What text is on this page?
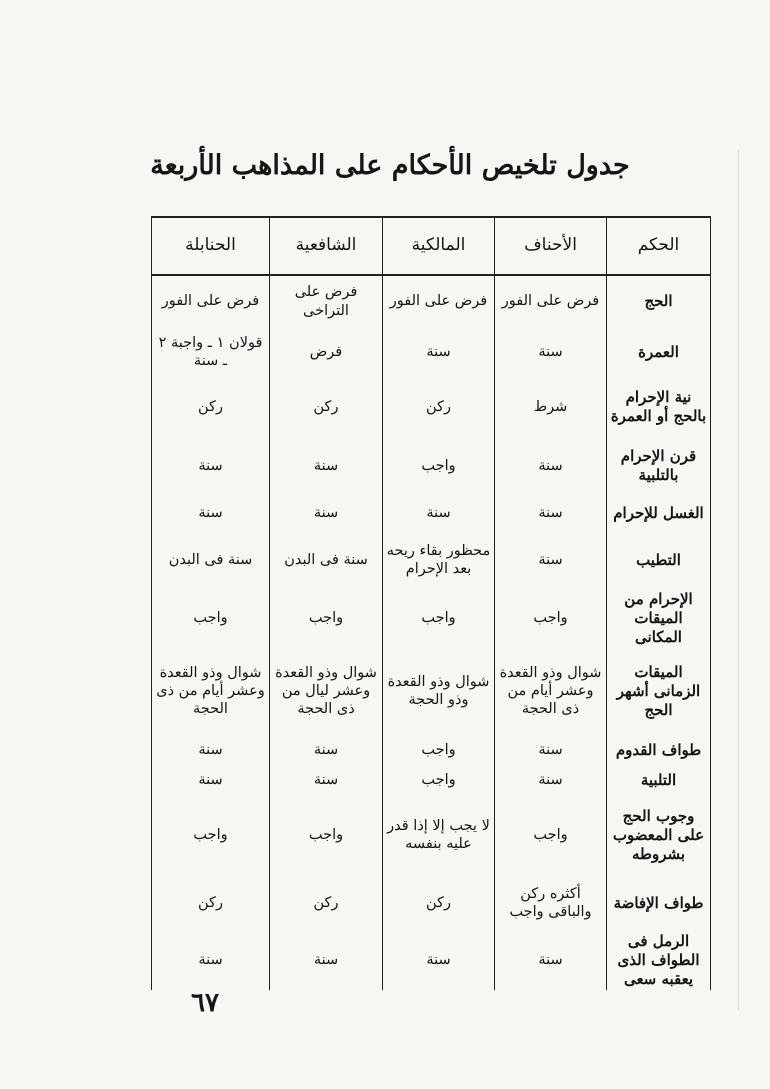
جدول تلخيص الأحكام على المذاهب الأربعة
الحكم	الأحناف	المالكية	الشافعية	الحنابلة
الحج	فرض على الفور	فرض على الفور	فرض على التراخى	فرض على الفور
العمرة	سنة	سنة	فرض	قولان ١ ـ واجبة ٢ ـ سنة
نية الإحرام بالحج أو العمرة	شرط	ركن	ركن	ركن
قرن الإحرام بالتلبية	سنة	واجب	سنة	سنة
الغسل للإحرام	سنة	سنة	سنة	سنة
التطيب	سنة	محظور بقاء ريحه بعد الإحرام	سنة فى البدن	سنة فى البدن
الإحرام من الميقات المكانى	واجب	واجب	واجب	واجب
الميقات الزمانى أشهر الحج	شوال وذو القعدة وعشر أيام من ذى الحجة	شوال وذو القعدة وذو الحجة	شوال وذو القعدة وعشر ليال من ذى الحجة	شوال وذو القعدة وعشر أيام من ذى الحجة
طواف القدوم	سنة	واجب	سنة	سنة
التلبية	سنة	واجب	سنة	سنة
وجوب الحج على المعضوب بشروطه	واجب	لا يجب إلا إذا قدر عليه بنفسه	واجب	واجب
طواف الإفاضة	أكثره ركن والباقى واجب	ركن	ركن	ركن
الرمل فى الطواف الذى يعقبه سعى	سنة	سنة	سنة	سنة
٦٧
